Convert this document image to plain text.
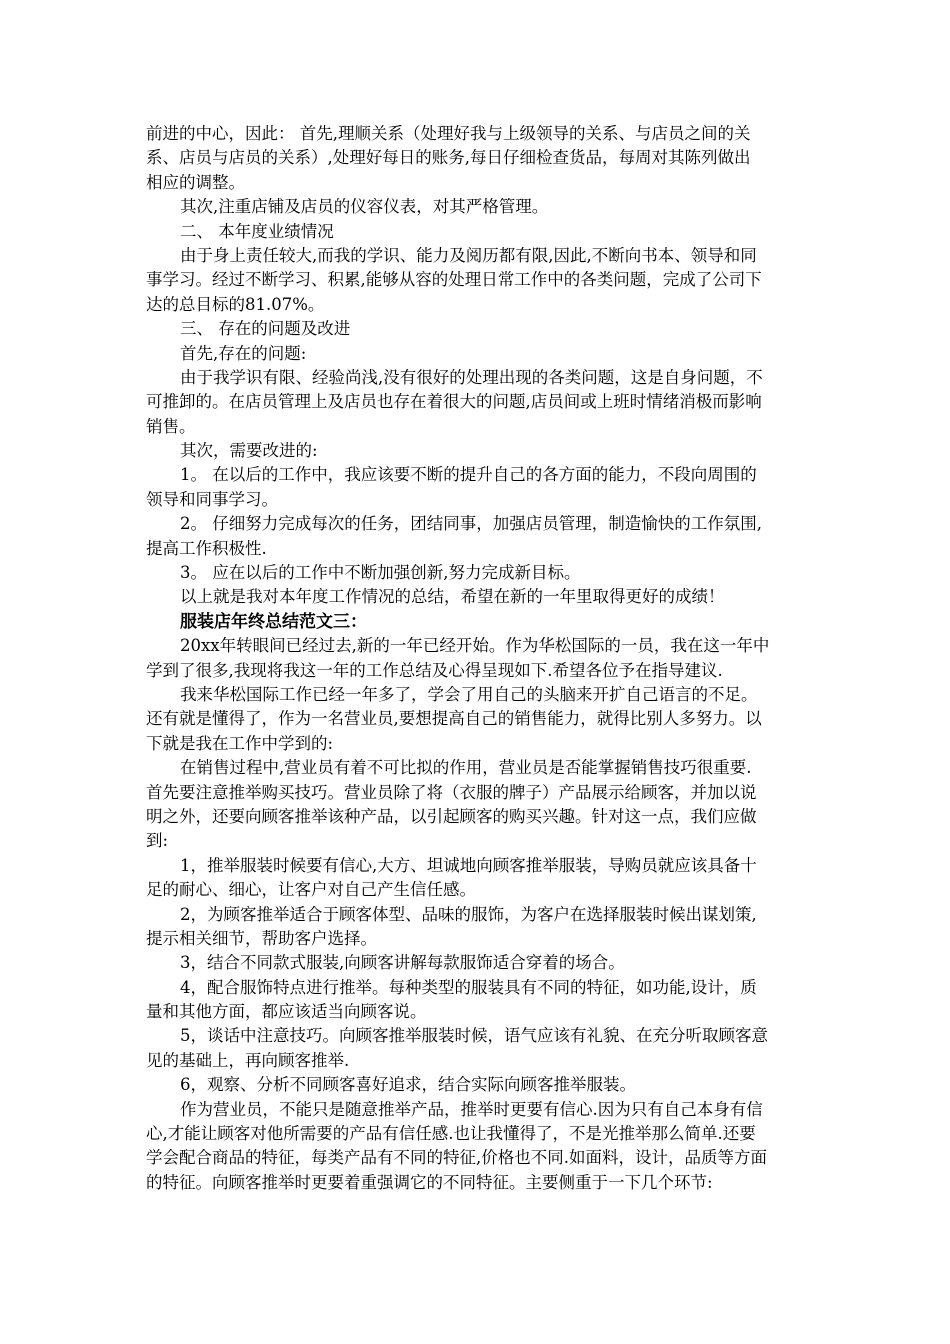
前进的中心，因此： 首先,理顺关系（处理好我与上级领导的关系、与店员之间的关
系、店员与店员的关系）,处理好每日的账务,每日仔细检查货品，每周对其陈列做出
相应的调整。
其次,注重店铺及店员的仪容仪表，对其严格管理。
二、 本年度业绩情况
由于身上责任较大,而我的学识、能力及阅历都有限,因此,不断向书本、领导和同
事学习。经过不断学习、积累,能够从容的处理日常工作中的各类问题，完成了公司下
达的总目标的81.07%。
三、 存在的问题及改进
首先,存在的问题:
由于我学识有限、经验尚浅,没有很好的处理出现的各类问题，这是自身问题，不
可推卸的。在店员管理上及店员也存在着很大的问题,店员间或上班时情绪消极而影响
销售。
其次，需要改进的:
1。 在以后的工作中，我应该要不断的提升自己的各方面的能力，不段向周围的
领导和同事学习。
2。 仔细努力完成每次的任务，团结同事，加强店员管理，制造愉快的工作氛围,
提高工作积极性.
3。 应在以后的工作中不断加强创新,努力完成新目标。
以上就是我对本年度工作情况的总结，希望在新的一年里取得更好的成绩！
服装店年终总结范文三：
20xx年转眼间已经过去,新的一年已经开始。作为华松国际的一员，我在这一年中
学到了很多,我现将我这一年的工作总结及心得呈现如下.希望各位予在指导建议.
我来华松国际工作已经一年多了，学会了用自己的头脑来开扩自己语言的不足。
还有就是懂得了，作为一名营业员,要想提高自己的销售能力，就得比别人多努力。以
下就是我在工作中学到的:
在销售过程中,营业员有着不可比拟的作用，营业员是否能掌握销售技巧很重要.
首先要注意推举购买技巧。营业员除了将（衣服的牌子）产品展示给顾客，并加以说
明之外，还要向顾客推举该种产品，以引起顾客的购买兴趣。针对这一点，我们应做
到:
1，推举服装时候要有信心,大方、坦诚地向顾客推举服装，导购员就应该具备十
足的耐心、细心，让客户对自己产生信任感。
2，为顾客推举适合于顾客体型、品味的服饰，为客户在选择服装时候出谋划策,
提示相关细节，帮助客户选择。
3，结合不同款式服装,向顾客讲解每款服饰适合穿着的场合。
4，配合服饰特点进行推举。每种类型的服装具有不同的特征，如功能,设计，质
量和其他方面，都应该适当向顾客说。
5，谈话中注意技巧。向顾客推举服装时候，语气应该有礼貌、在充分听取顾客意
见的基础上，再向顾客推举.
6，观察、分析不同顾客喜好追求，结合实际向顾客推举服装。
作为营业员，不能只是随意推举产品，推举时更要有信心.因为只有自己本身有信
心,才能让顾客对他所需要的产品有信任感.也让我懂得了，不是光推举那么简单.还要
学会配合商品的特征，每类产品有不同的特征,价格也不同.如面料，设计，品质等方面
的特征。向顾客推举时更要着重强调它的不同特征。主要侧重于一下几个环节:
